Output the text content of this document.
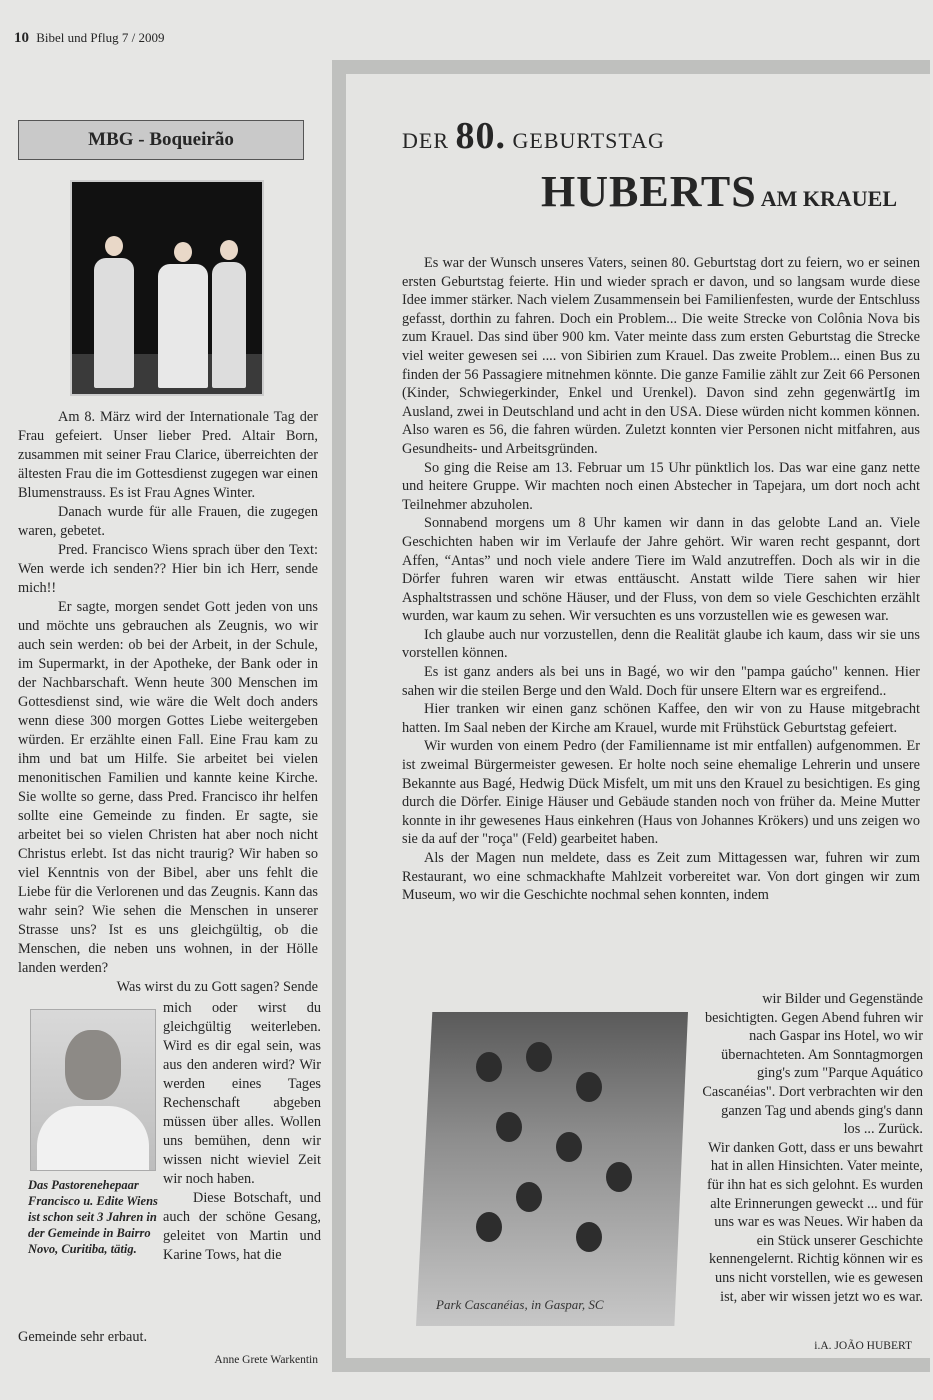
10 Bibel und Pflug 7 / 2009
MBG - Boqueirão

Am 8. März wird der Internationale Tag der Frau gefeiert. Unser lieber Pred. Altair Born, zusammen mit seiner Frau Clarice, überreichten der ältesten Frau die im Gottesdienst zugegen war einen Blumenstrauss. Es ist Frau Agnes Winter.

Danach wurde für alle Frauen, die zugegen waren, gebetet.

Pred. Francisco Wiens sprach über den Text: Wen werde ich senden?? Hier bin ich Herr, sende mich!!

Er sagte, morgen sendet Gott jeden von uns und möchte uns gebrauchen als Zeugnis, wo wir auch sein werden: ob bei der Arbeit, in der Schule, im Supermarkt, in der Apotheke, der Bank oder in der Nachbarschaft. Wenn heute 300 Menschen im Gottesdienst sind, wie wäre die Welt doch anders wenn diese 300 morgen Gottes Liebe weitergeben würden. Er erzählte einen Fall. Eine Frau kam zu ihm und bat um Hilfe. Sie arbeitet bei vielen menonitischen Familien und kannte keine Kirche. Sie wollte so gerne, dass Pred. Francisco ihr helfen sollte eine Gemeinde zu finden. Er sagte, sie arbeitet bei so vielen Christen hat aber noch nicht Christus erlebt. Ist das nicht traurig? Wir haben so viel Kenntnis von der Bibel, aber uns fehlt die Liebe für die Verlorenen und das Zeugnis. Kann das wahr sein? Wie sehen die Menschen in unserer Strasse uns? Ist es uns gleichgültig, ob die Menschen, die neben uns wohnen, in der Hölle landen werden?

Was wirst du zu Gott sagen? Sende

Das Pastorenehepaar Francisco u. Edite Wiens ist schon seit 3 Jahren in der Gemeinde in Bairro Novo, Curitiba, tätig.

mich oder wirst du gleichgültig weiterleben. Wird es dir egal sein, was aus den anderen wird? Wir werden eines Tages Rechenschaft abgeben müssen über alles. Wollen uns bemühen, denn wir wissen nicht wieviel Zeit wir noch haben.

Diese Botschaft, und auch der schöne Gesang, geleitet von Martin und Karine Tows, hat die

Gemeinde sehr erbaut.
Anne Grete Warkentin
DER 80. GEBURTSTAG
HUBERTS AM KRAUEL

Es war der Wunsch unseres Vaters, seinen 80. Geburtstag dort zu feiern, wo er seinen ersten Geburtstag feierte. Hin und wieder sprach er davon, und so langsam wurde diese Idee immer stärker. Nach vielem Zusammensein bei Familienfesten, wurde der Entschluss gefasst, dorthin zu fahren. Doch ein Problem... Die weite Strecke von Colônia Nova bis zum Krauel. Das sind über 900 km. Vater meinte dass zum ersten Geburtstag die Strecke viel weiter gewesen sei .... von Sibirien zum Krauel. Das zweite Problem... einen Bus zu finden der 56 Passagiere mitnehmen könnte. Die ganze Familie zählt zur Zeit 66 Personen (Kinder, Schwiegerkinder, Enkel und Urenkel). Davon sind zehn gegenwärtIg im Ausland, zwei in Deutschland und acht in den USA. Diese würden nicht kommen können. Also waren es 56, die fahren würden. Zuletzt konnten vier Personen nicht mitfahren, aus Gesundheits- und Arbeitsgründen.

So ging die Reise am 13. Februar um 15 Uhr pünktlich los. Das war eine ganz nette und heitere Gruppe. Wir machten noch einen Abstecher in Tapejara, um dort noch acht Teilnehmer abzuholen.

Sonnabend morgens um 8 Uhr kamen wir dann in das gelobte Land an. Viele Geschichten haben wir im Verlaufe der Jahre gehört. Wir waren recht gespannt, dort Affen, “Antas” und noch viele andere Tiere im Wald anzutreffen. Doch als wir in die Dörfer fuhren waren wir etwas enttäuscht. Anstatt wilde Tiere sahen wir hier Asphaltstrassen und schöne Häuser, und der Fluss, von dem so viele Geschichten erzählt wurden, war kaum zu sehen. Wir versuchten es uns vorzustellen wie es gewesen war.

Ich glaube auch nur vorzustellen, denn die Realität glaube ich kaum, dass wir sie uns vorstellen können.

Es ist ganz anders als bei uns in Bagé, wo wir den "pampa gaúcho" kennen. Hier sahen wir die steilen Berge und den Wald. Doch für unsere Eltern war es ergreifend..

Hier tranken wir einen ganz schönen Kaffee, den wir von zu Hause mitgebracht hatten. Im Saal neben der Kirche am Krauel, wurde mit Frühstück Geburtstag gefeiert.

Wir wurden von einem Pedro (der Familienname ist mir entfallen) aufgenommen. Er ist zweimal Bürgermeister gewesen. Er holte noch seine ehemalige Lehrerin und unsere Bekannte aus Bagé, Hedwig Dück Misfelt, um mit uns den Krauel zu besichtigen. Es ging durch die Dörfer. Einige Häuser und Gebäude standen noch von früher da. Meine Mutter konnte in ihr gewesenes Haus einkehren (Haus von Johannes Krökers) und uns zeigen wo sie da auf der "roça" (Feld) gearbeitet haben.

Als der Magen nun meldete, dass es Zeit zum Mittagessen war, fuhren wir zum Restaurant, wo eine schmackhafte Mahlzeit vorbereitet war. Von dort gingen wir zum Museum, wo wir die Geschichte nochmal sehen konnten, indem

Park Cascanéias, in Gaspar, SC

wir Bilder und Gegenstände besichtigten. Gegen Abend fuhren wir nach Gaspar ins Hotel, wo wir übernachteten. Am Sonntagmorgen ging's zum "Parque Aquático Cascanéias". Dort verbrachten wir den ganzen Tag und abends ging's dann los ... Zurück.

Wir danken Gott, dass er uns bewahrt hat in allen Hinsichten. Vater meinte, für ihn hat es sich gelohnt. Es wurden alte Erinnerungen geweckt ... und für uns war es was Neues. Wir haben da ein Stück unserer Geschichte kennengelernt. Richtig können wir es uns nicht vorstellen, wie es gewesen ist, aber wir wissen jetzt wo es war.

i.A. JOÃO HUBERT
